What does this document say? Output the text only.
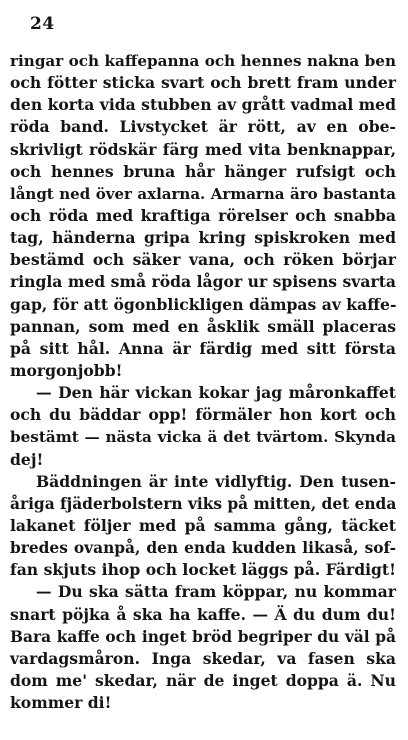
24
ringar och kaffepanna och hennes nakna ben
och fötter sticka svart och brett fram under
den korta vida stubben av grått vadmal med
röda band. Livstycket är rött, av en obe-
skrivligt rödskär färg med vita benknappar,
och hennes bruna hår hänger rufsigt och
långt ned över axlarna. Armarna äro bastanta
och röda med kraftiga rörelser och snabba
tag, händerna gripa kring spiskroken med
bestämd och säker vana, och röken börjar
ringla med små röda lågor ur spisens svarta
gap, för att ögonblickligen dämpas av kaffe-
pannan, som med en åsklik smäll placeras
på sitt hål. Anna är färdig med sitt första
morgonjobb!
— Den här vickan kokar jag måronkaffet
och du bäddar opp! förmäler hon kort och
bestämt — nästa vicka ä det tvärtom. Skynda
dej!
Bäddningen är inte vidlyftig. Den tusen-
åriga fjäderbolstern viks på mitten, det enda
lakanet följer med på samma gång, täcket
bredes ovanpå, den enda kudden likaså, sof-
fan skjuts ihop och locket läggs på. Färdigt!
— Du ska sätta fram köppar, nu kommar
snart pöjka å ska ha kaffe. — Ä du dum du!
Bara kaffe och inget bröd begriper du väl på
vardagsmåron. Inga skedar, va fasen ska
dom me' skedar, när de inget doppa ä. Nu
kommer di!
